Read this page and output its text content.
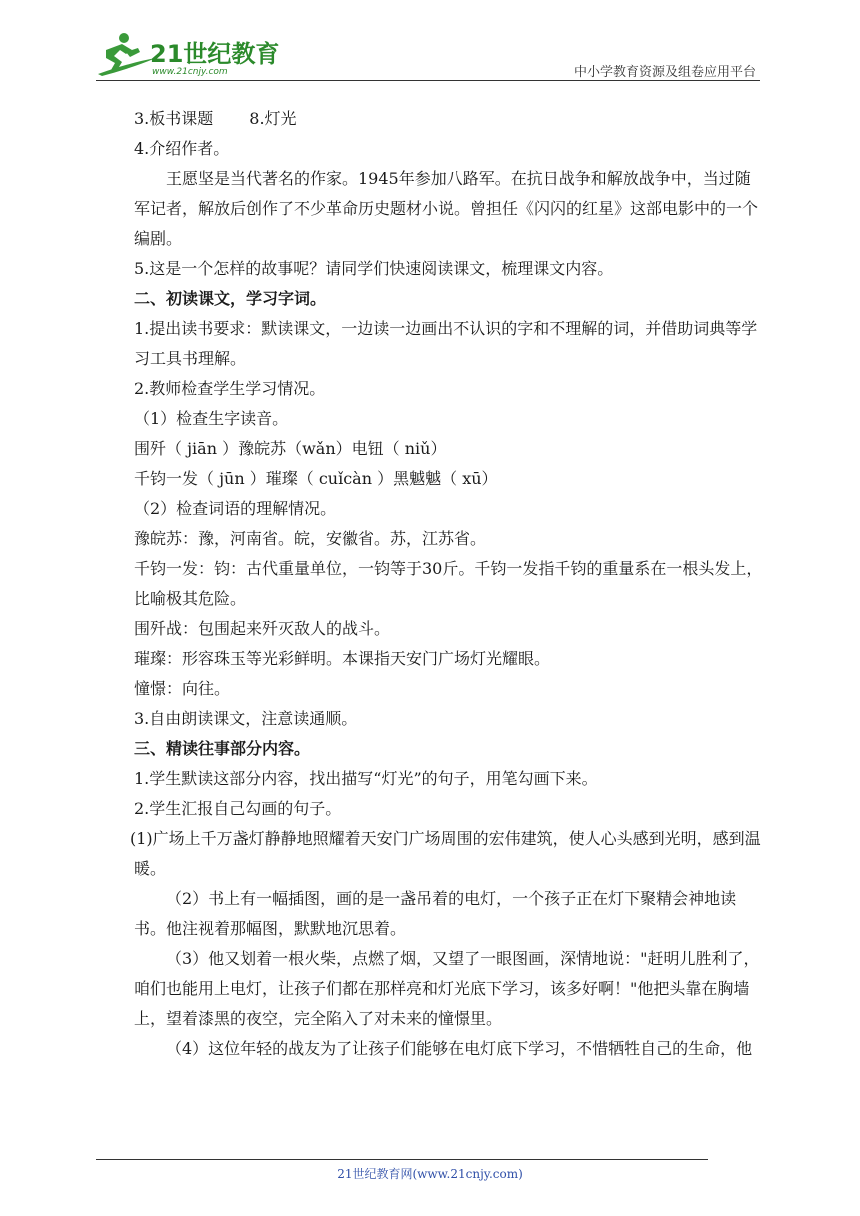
21世纪教育
www.21cnjy.com	中小学教育资源及组卷应用平台
3.板书课题 8.灯光
4.介绍作者。

王愿坚是当代著名的作家。1945年参加八路军。在抗日战争和解放战争中，当过随军记者，解放后创作了不少革命历史题材小说。曾担任《闪闪的红星》这部电影中的一个编剧。

5.这是一个怎样的故事呢？请同学们快速阅读课文，梳理课文内容。
二、初读课文，学习字词。

1.提出读书要求：默读课文，一边读一边画出不认识的字和不理解的词，并借助词典等学习工具书理解。

2.教师检查学生学习情况。
（1）检查生字读音。
围歼（ jiān ）豫皖苏（wǎn）电钮（ niǔ）
千钧一发（ jūn ）璀璨（ cuǐcàn ）黑魆魆（ xū）
（2）检查词语的理解情况。
豫皖苏：豫，河南省。皖，安徽省。苏，江苏省。

千钧一发：钧：古代重量单位，一钧等于30斤。千钧一发指千钧的重量系在一根头发上，比喻极其危险。

围歼战：包围起来歼灭敌人的战斗。
璀璨：形容珠玉等光彩鲜明。本课指天安门广场灯光耀眼。
憧憬：向往。
3.自由朗读课文，注意读通顺。
三、精读往事部分内容。
1.学生默读这部分内容，找出描写“灯光”的句子，用笔勾画下来。
2.学生汇报自己勾画的句子。

(1)广场上千万盏灯静静地照耀着天安门广场周围的宏伟建筑，使人心头感到光明，感到温暖。

（2）书上有一幅插图，画的是一盏吊着的电灯，一个孩子正在灯下聚精会神地读书。他注视着那幅图，默默地沉思着。

（3）他又划着一根火柴，点燃了烟，又望了一眼图画，深情地说："赶明儿胜利了，咱们也能用上电灯，让孩子们都在那样亮和灯光底下学习，该多好啊！"他把头靠在胸墙上，望着漆黑的夜空，完全陷入了对未来的憧憬里。

（4）这位年轻的战友为了让孩子们能够在电灯底下学习，不惜牺牲自己的生命，他

21世纪教育网(www.21cnjy.com)
